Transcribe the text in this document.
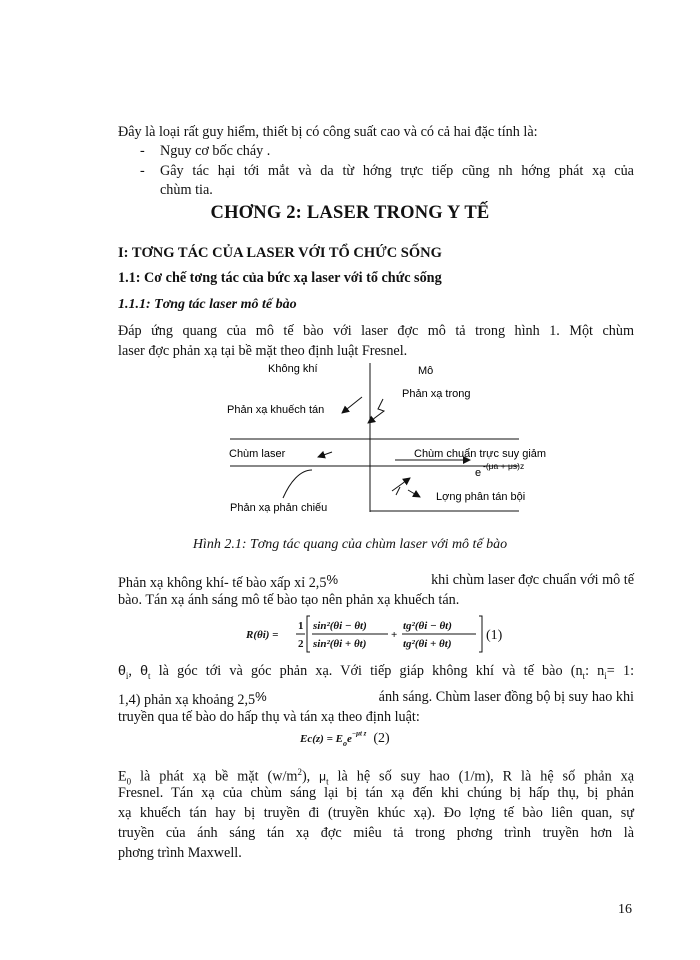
Đây là loại rất guy hiểm, thiết bị có công suất cao và có cả hai đặc tính là:
- Nguy cơ bốc cháy .
- Gây tác hại tới mắt và da từ hớng trực tiếp cũng nh hớng phát xạ của
chùm tia.
CHƠNG 2: LASER TRONG Y TẾ
I: TƠNG TÁC CỦA LASER VỚI TỔ CHỨC SỐNG
1.1: Cơ chế tơng tác của bức xạ laser với tổ chức sống
1.1.1: Tơng tác laser mô tế bào
Đáp ứng quang của mô tế bào với laser đợc mô tả trong hình 1. Một chùm
laser đợc phản xạ tại bề mặt theo định luật Fresnel.
Không khí	Mô
Phản xạ trong
Phản xạ khuếch tán
Chùm laser	Chùm chuẩn trực suy giảm
e
-(μa + μs)z
Lợng phân tán bội
Phản xạ phản chiếu
Hình 2.1: Tơng tác quang của chùm laser với mô tế bào
Phản xạ không khí- tế bào xấp xỉ 2,5%	khi chùm laser đợc chuẩn với mô tế
bào. Tán xạ ánh sáng mô tế bào tạo nên phản xạ khuếch tán.
R(θi) =
1
2
sin²(θi − θt)
sin²(θi + θt)
+
tg²(θi − θt)
tg²(θi + θt)
(1)
$\theta_i$, $\theta_t$ là góc tới và góc phản xạ. Với tiếp giáp không khí và tế bào ($n_t$: $n_i= 1$:
1,4) phản xạ khoảng 2,5%	ánh sáng. Chùm laser đồng bộ bị suy hao khi
truyền qua tế bào do hấp thụ và tán xạ theo định luật:
$Ec(z) = E_oe^{-\mu t z}$ (2)
$E_0$ là phát xạ bề mặt $(w/m^2)$, $\mu_t$ là hệ số suy hao (1/m), R là hệ số phản xạ
Fresnel. Tán xạ của chùm sáng lại bị tán xạ đến khi chúng bị hấp thụ, bị phản
xạ khuếch tán hay bị truyền đi (truyền khúc xạ). Đo lợng tế bào liên quan, sự
truyền của ánh sáng tán xạ đợc miêu tả trong phơng trình truyền hơn là
phơng trình Maxwell.
16
